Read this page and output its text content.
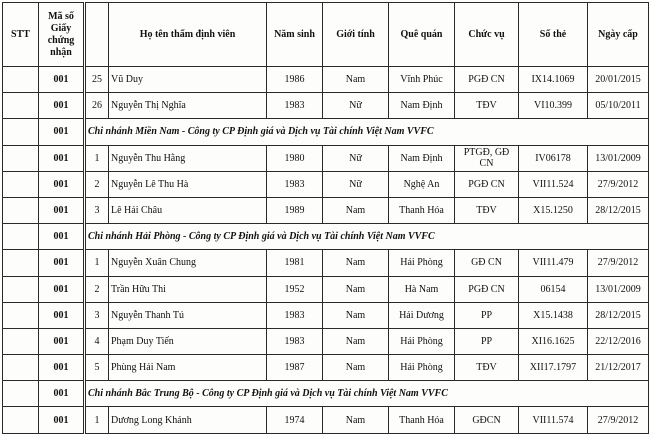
STT	Mã số Giấy chứng nhận		Họ tên thẩm định viên	Năm sinh	Giới tính	Quê quán	Chức vụ	Số thẻ	Ngày cấp
	001	25	Vũ Duy	1986	Nam	Vĩnh Phúc	PGĐ CN	IX14.1069	20/01/2015
	001	26	Nguyễn Thị Nghĩa	1983	Nữ	Nam Định	TĐV	VI10.399	05/10/2011
	001	Chi nhánh Miền Nam - Công ty CP Định giá và Dịch vụ Tài chính Việt Nam VVFC							
	001	1	Nguyễn Thu Hằng	1980	Nữ	Nam Định	PTGĐ, GĐ CN	IV06178	13/01/2009
	001	2	Nguyễn Lê Thu Hà	1983	Nữ	Nghệ An	PGĐ CN	VII11.524	27/9/2012
	001	3	Lê Hải Châu	1989	Nam	Thanh Hóa	TĐV	X15.1250	28/12/2015
	001	Chi nhánh Hải Phòng - Công ty CP Định giá và Dịch vụ Tài chính Việt Nam VVFC							
	001	1	Nguyễn Xuân Chung	1981	Nam	Hải Phòng	GĐ CN	VII11.479	27/9/2012
	001	2	Trần Hữu Thi	1952	Nam	Hà Nam	PGĐ CN	06154	13/01/2009
	001	3	Nguyễn Thanh Tú	1983	Nam	Hải Dương	PP	X15.1438	28/12/2015
	001	4	Phạm Duy Tiến	1983	Nam	Hải Phòng	PP	XI16.1625	22/12/2016
	001	5	Phùng Hải Nam	1987	Nam	Hải Phòng	TĐV	XII17.1797	21/12/2017
	001	Chi nhánh Bắc Trung Bộ - Công ty CP Định giá và Dịch vụ Tài chính Việt Nam VVFC							
	001	1	Dương Long Khánh	1974	Nam	Thanh Hóa	GĐCN	VII11.574	27/9/2012
